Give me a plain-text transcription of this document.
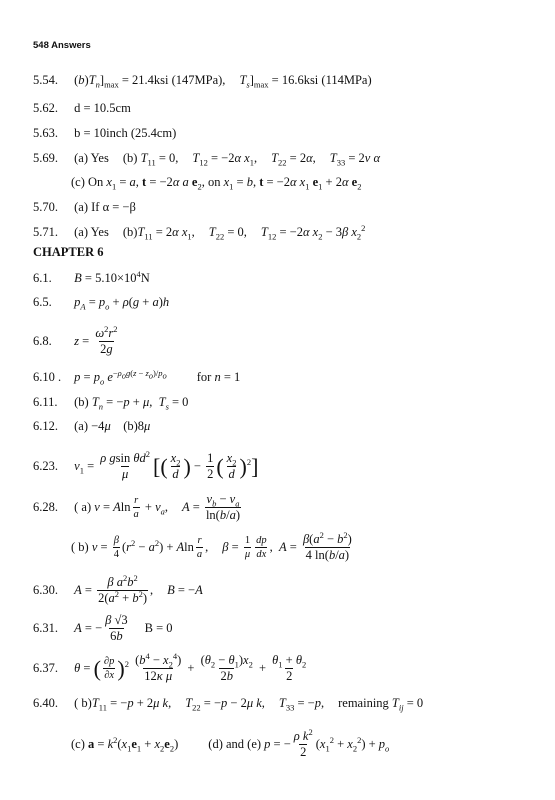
548 Answers
5.54. $(b)T_n]_{max} = 21.4ksi$ (147MPa), $T_s]_{max} = 16.6ksi$ (114MPa)
5.62. d = 10.5cm
5.63. b = 10inch (25.4cm)
5.69. (a) Yes (b) $T_{11} = 0$, $T_{12} = -2\alpha$ $x_1$, $T_{22} = 2\alpha$, $T_{33} = 2\nu$ α
(c) On $x_1 = a$, t = −2α a $e_2$, on $x_1 = b$, t = −2α $x_1$ $e_1 + 2\alpha$ $e_2$
5.70. (a) If α = −β
5.71. (a) Yes $(b)T_{11} = 2\alpha$ $x_1$, $T_{22} = 0$, $T_{12} = -2\alpha$ $x_2 - 3\beta$ $x_2^2$
CHAPTER 6
6.1. $B = 5.10\times 10^4N$
6.5. $p_A = p_o + \rho(g + a)h$
6.8. $z = \frac{\omega^2r^2}{2g}$
6.10 . $p = p_o$ $e^{-\rho_og(z - z_o)/p_o}$ for n = 1
6.11. (b) $T_n = -p + \mu$,  $T_s = 0$
6.12. (a) −4μ    (b)8μ
6.23. $v_1 = \frac{\rho gsin \theta d^2}{\mu}$ [( $\frac{x_2}{d}$ ) − $\frac{1}{2}$ ( $\frac{x_2}{d} )^2$]
6.28. ( a) v = Aln $\frac{r}{a} + v_a$, $A = \frac{v_b - v_a}{\ln(b/a)}$
( b) $v = \frac{\beta}{4} (r^2 - a^2) + Aln \frac{r}{a}$ , $\beta = \frac{1}{\mu} \frac{dp}{dx}$ ,  $A = \frac{\beta(a^2 - b^2)}{4 \ln(b/a)}$
6.30. $A = \frac{\beta a^2b^2}{2(a^2 + b^2)}$ , B = −A
6.31. A = − $\frac{\beta √3}{6b}$ B = 0
6.37. θ = ( $\frac{\partial p}{\partial x} )^2 \frac{(b^4 - x_2^4)}{\text{12κ μ}} + \frac{(\theta_2 - \theta_1)x_2}{2b} + \frac{\theta_1 + \theta_2}{2}$
6.40. ( $b)T_{11} = -p + 2\mu$ k, $T_{22} = -p - 2\mu$ k, $T_{33} = -p$, remaining $T_{ij} = 0$
(c) $a = k^2(x_1e_1 + x_2e_2)$ (d) and (e) p = − $\frac{\rho k^2}{2} (x_1^2 + x_2^2) + p_o$
